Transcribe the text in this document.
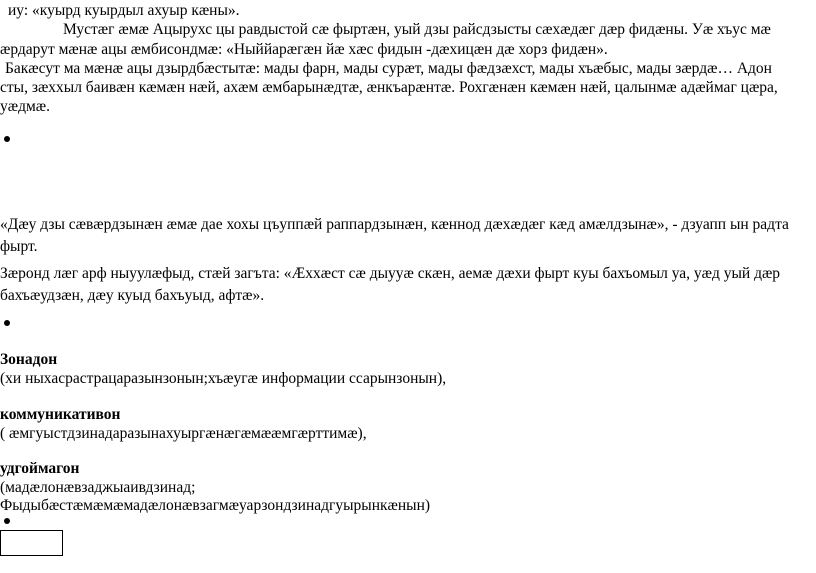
иу: «куырд куырдыл ахуыр кæны».
Мустæг æмæ Ацырухс цы равдыстой сæ фыртæн, уый дзы райсдзысты сæхæдæг дæр фидæны. Уæ хъус мæ
æрдарут мæнæ ацы æмбисондмæ: «Ныййарæгæн йæ хæс фидын -дæхицæн дæ хорз фидæн».
Бакæсут ма мæнæ ацы дзырдбæстытæ: мады фарн, мады сурæт, мады фæдзæхст, мады хъæбыс, мады зæрдæ… Адон
сты, зæххыл баивæн кæмæн нæй, ахæм æмбарынæдтæ, æнкъарæнтæ. Рохгæнæн кæмæн нæй, цалынмæ адæймаг цæра,
уæдмæ.
«Дæу дзы сæвæрдзынæн æмæ дае хохы цъуппæй раппардзынæн, кæннод дæхæдæг кæд амæлдзынæ», - дзуапп ын радта
фырт.
Зæронд лæг арф ныуулæфыд, стæй загъта: «Æххæст сæ дыууæ скæн, аемæ дæхи фырт куы бахъомыл уа, уæд уый дæр
бахъæудзæн, дæу куыд бахъуыд, афтæ».
Зонадон
(хи ныхасрастрацаразынзонын;хъæугæ информации ссарынзонын),
коммуникативон
( æмгуыстдзинадаразынахуыргæнæгæмææмгæрттимæ),
удгоймагон
(мадæлонæвзаджыаивдзинад;
Фыдыбæстæмæмæмадæлонæвзагмæуарзондзинадгуырынкæнын)
